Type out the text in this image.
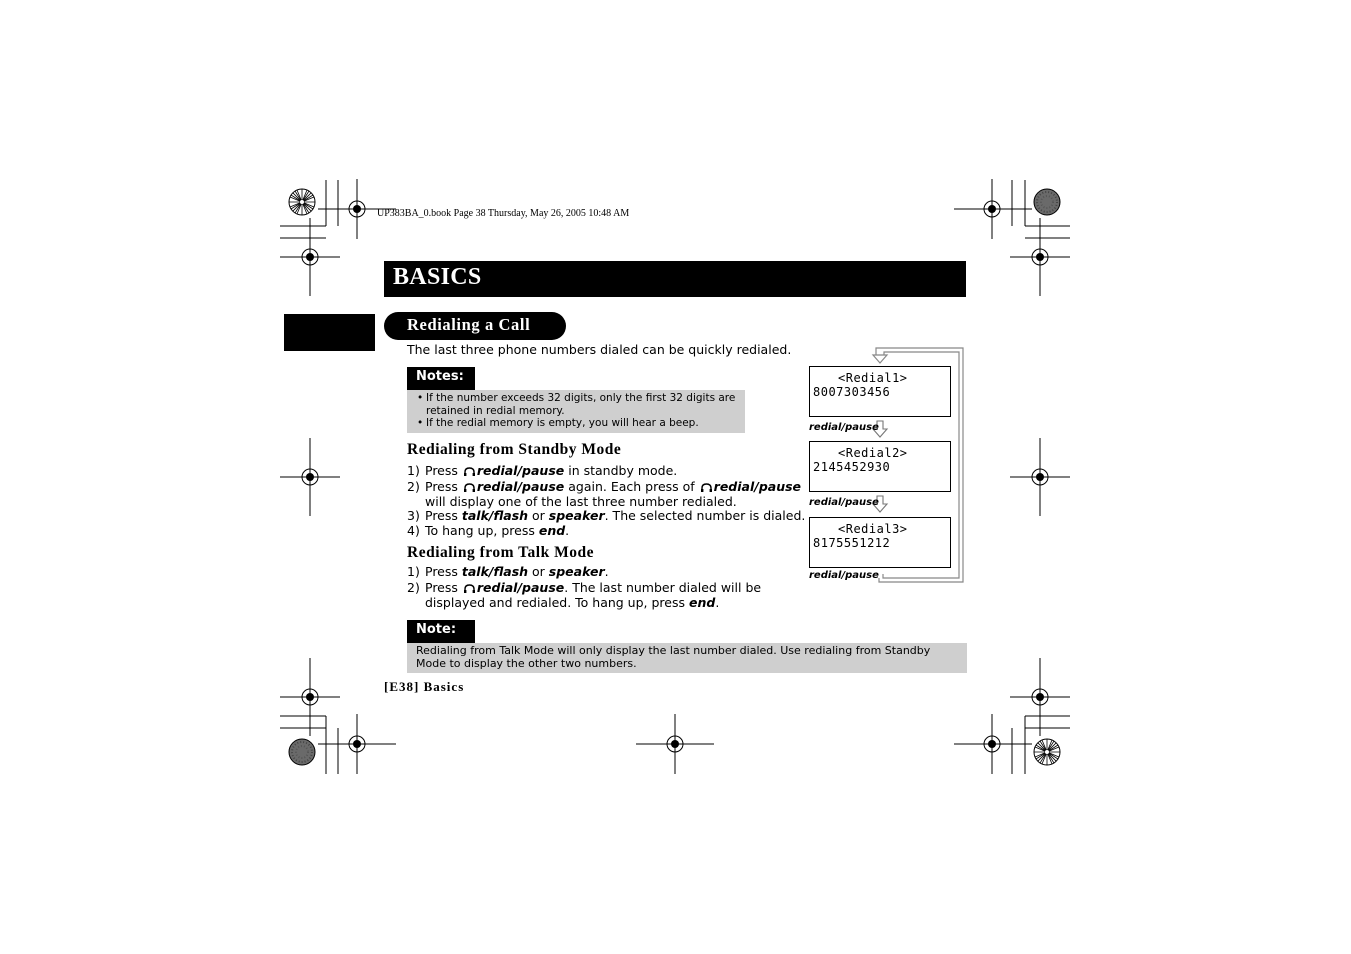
UP383BA_0.book Page 38 Thursday, May 26, 2005 10:48 AM
BASICS
Redialing a Call
The last three phone numbers dialed can be quickly redialed.
Notes:
• If the number exceeds 32 digits, only the first 32 digits are
retained in redial memory.
• If the redial memory is empty, you will hear a beep.
Redialing from Standby Mode
1) Press redial/pause in standby mode.
2) Press redial/pause again. Each press of redial/pause
will display one of the last three number redialed.
3) Press talk/flash or speaker. The selected number is dialed.
4) To hang up, press end.
Redialing from Talk Mode
1) Press talk/flash or speaker.
2) Press redial/pause. The last number dialed will be
displayed and redialed. To hang up, press end.
Note:
Redialing from Talk Mode will only display the last number dialed. Use redialing from Standby Mode to display the other two numbers.
[E38] Basics
<Redial1>
8007303456
redial/pause
<Redial2>
2145452930
redial/pause
<Redial3>
8175551212
redial/pause
